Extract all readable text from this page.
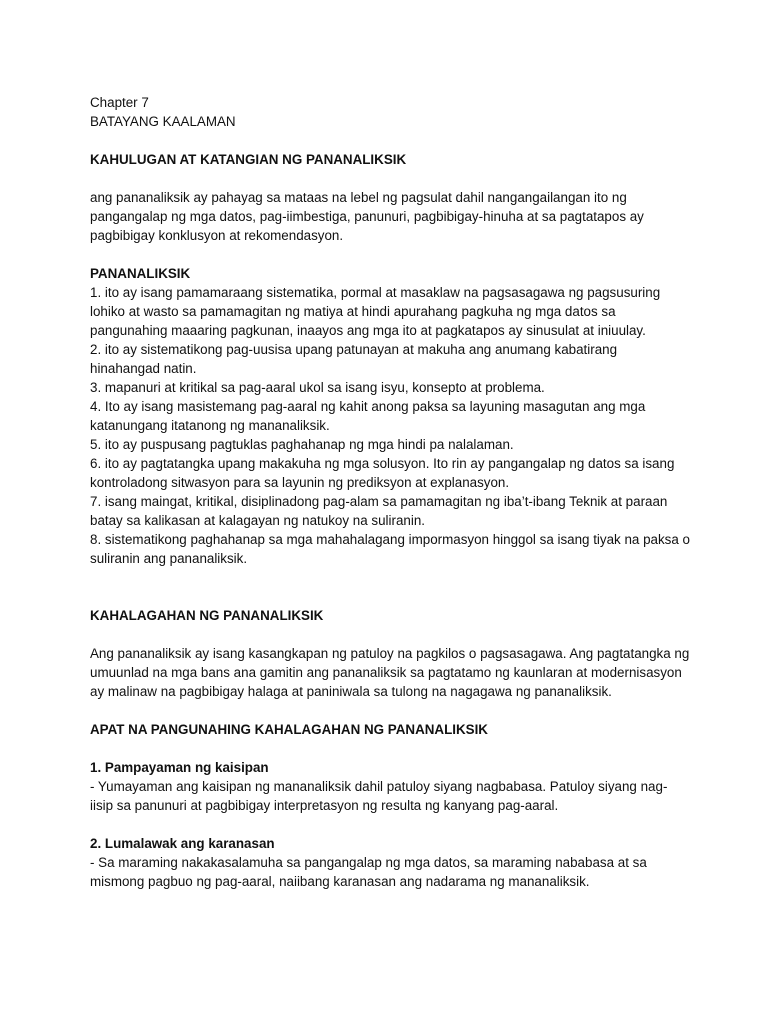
Chapter 7

BATAYANG KAALAMAN

KAHULUGAN AT KATANGIAN NG PANANALIKSIK

ang pananaliksik ay pahayag sa mataas na lebel ng pagsulat dahil nangangailangan ito ng pangangalap ng mga datos, pag-iimbestiga, panunuri, pagbibigay-hinuha at sa pagtatapos ay pagbibigay konklusyon at rekomendasyon.

PANANALIKSIK

1. ito ay isang pamamaraang sistematika, pormal at masaklaw na pagsasagawa ng pagsusuring lohiko at wasto sa pamamagitan ng matiya at hindi apurahang pagkuha ng mga datos sa pangunahing maaaring pagkunan, inaayos ang mga ito at pagkatapos ay sinusulat at iniuulay.

2. ito ay sistematikong pag-uusisa upang patunayan at makuha ang anumang kabatirang hinahangad natin.

3. mapanuri at kritikal sa pag-aaral ukol sa isang isyu, konsepto at problema.

4. Ito ay isang masistemang pag-aaral ng kahit anong paksa sa layuning masagutan ang mga katanungang itatanong ng mananaliksik.

5. ito ay puspusang pagtuklas paghahanap ng mga hindi pa nalalaman.

6. ito ay pagtatangka upang makakuha ng mga solusyon. Ito rin ay pangangalap ng datos sa isang kontroladong sitwasyon para sa layunin ng prediksyon at explanasyon.

7. isang maingat, kritikal, disiplinadong pag-alam sa pamamagitan ng iba’t-ibang Teknik at paraan batay sa kalikasan at kalagayan ng natukoy na suliranin.

8. sistematikong paghahanap sa mga mahahalagang impormasyon hinggol sa isang tiyak na paksa o suliranin ang pananaliksik.

KAHALAGAHAN NG PANANALIKSIK

Ang pananaliksik ay isang kasangkapan ng patuloy na pagkilos o pagsasagawa. Ang pagtatangka ng umuunlad na mga bans ana gamitin ang pananaliksik sa pagtatamo ng kaunlaran at modernisasyon ay malinaw na pagbibigay halaga at paniniwala sa tulong na nagagawa ng pananaliksik.

APAT NA PANGUNAHING KAHALAGAHAN NG PANANALIKSIK

1. Pampayaman ng kaisipan

- Yumayaman ang kaisipan ng mananaliksik dahil patuloy siyang nagbabasa. Patuloy siyang nag-iisip sa panunuri at pagbibigay interpretasyon ng resulta ng kanyang pag-aaral.

2. Lumalawak ang karanasan

- Sa maraming nakakasalamuha sa pangangalap ng mga datos, sa maraming nababasa at sa mismong pagbuo ng pag-aaral, naiibang karanasan ang nadarama ng mananaliksik.
